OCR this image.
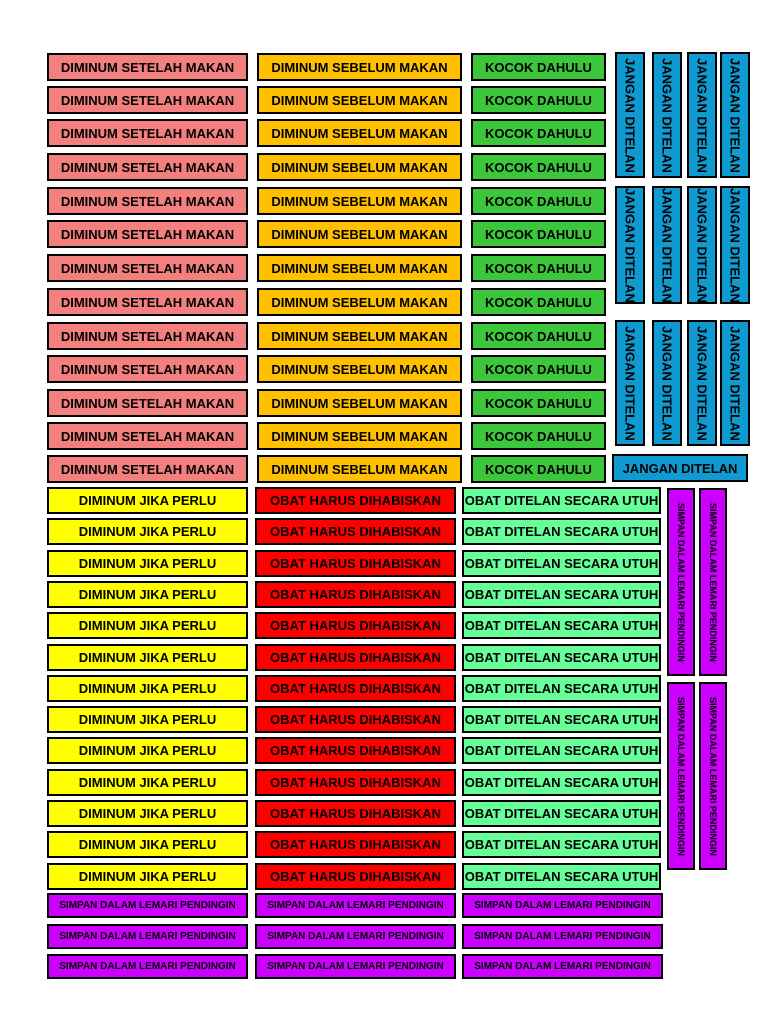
DIMINUM SETELAH MAKAN	DIMINUM SEBELUM MAKAN	KOCOK DAHULU
DIMINUM SETELAH MAKAN	DIMINUM SEBELUM MAKAN	KOCOK DAHULU
DIMINUM SETELAH MAKAN	DIMINUM SEBELUM MAKAN	KOCOK DAHULU
DIMINUM SETELAH MAKAN	DIMINUM SEBELUM MAKAN	KOCOK DAHULU
DIMINUM SETELAH MAKAN	DIMINUM SEBELUM MAKAN	KOCOK DAHULU
DIMINUM SETELAH MAKAN	DIMINUM SEBELUM MAKAN	KOCOK DAHULU
DIMINUM SETELAH MAKAN	DIMINUM SEBELUM MAKAN	KOCOK DAHULU
DIMINUM SETELAH MAKAN	DIMINUM SEBELUM MAKAN	KOCOK DAHULU
DIMINUM SETELAH MAKAN	DIMINUM SEBELUM MAKAN	KOCOK DAHULU
DIMINUM SETELAH MAKAN	DIMINUM SEBELUM MAKAN	KOCOK DAHULU
DIMINUM SETELAH MAKAN	DIMINUM SEBELUM MAKAN	KOCOK DAHULU
DIMINUM SETELAH MAKAN	DIMINUM SEBELUM MAKAN	KOCOK DAHULU
DIMINUM SETELAH MAKAN	DIMINUM SEBELUM MAKAN	KOCOK DAHULU
JANGAN DITELAN	JANGAN DITELAN	JANGAN DITELAN	JANGAN DITELAN
JANGAN DITELAN	JANGAN DITELAN	JANGAN DITELAN	JANGAN DITELAN
JANGAN DITELAN	JANGAN DITELAN	JANGAN DITELAN	JANGAN DITELAN
JANGAN DITELAN
DIMINUM JIKA PERLU	OBAT HARUS DIHABISKAN	OBAT DITELAN SECARA UTUH
DIMINUM JIKA PERLU	OBAT HARUS DIHABISKAN	OBAT DITELAN SECARA UTUH
DIMINUM JIKA PERLU	OBAT HARUS DIHABISKAN	OBAT DITELAN SECARA UTUH
DIMINUM JIKA PERLU	OBAT HARUS DIHABISKAN	OBAT DITELAN SECARA UTUH
DIMINUM JIKA PERLU	OBAT HARUS DIHABISKAN	OBAT DITELAN SECARA UTUH
DIMINUM JIKA PERLU	OBAT HARUS DIHABISKAN	OBAT DITELAN SECARA UTUH
DIMINUM JIKA PERLU	OBAT HARUS DIHABISKAN	OBAT DITELAN SECARA UTUH
DIMINUM JIKA PERLU	OBAT HARUS DIHABISKAN	OBAT DITELAN SECARA UTUH
DIMINUM JIKA PERLU	OBAT HARUS DIHABISKAN	OBAT DITELAN SECARA UTUH
DIMINUM JIKA PERLU	OBAT HARUS DIHABISKAN	OBAT DITELAN SECARA UTUH
DIMINUM JIKA PERLU	OBAT HARUS DIHABISKAN	OBAT DITELAN SECARA UTUH
DIMINUM JIKA PERLU	OBAT HARUS DIHABISKAN	OBAT DITELAN SECARA UTUH
DIMINUM JIKA PERLU	OBAT HARUS DIHABISKAN	OBAT DITELAN SECARA UTUH
SIMPAN DALAM LEMARI PENDINGIN	SIMPAN DALAM LEMARI PENDINGIN
SIMPAN DALAM LEMARI PENDINGIN	SIMPAN DALAM LEMARI PENDINGIN
SIMPAN DALAM LEMARI PENDINGIN	SIMPAN DALAM LEMARI PENDINGIN	SIMPAN DALAM LEMARI PENDINGIN
SIMPAN DALAM LEMARI PENDINGIN	SIMPAN DALAM LEMARI PENDINGIN	SIMPAN DALAM LEMARI PENDINGIN
SIMPAN DALAM LEMARI PENDINGIN	SIMPAN DALAM LEMARI PENDINGIN	SIMPAN DALAM LEMARI PENDINGIN
